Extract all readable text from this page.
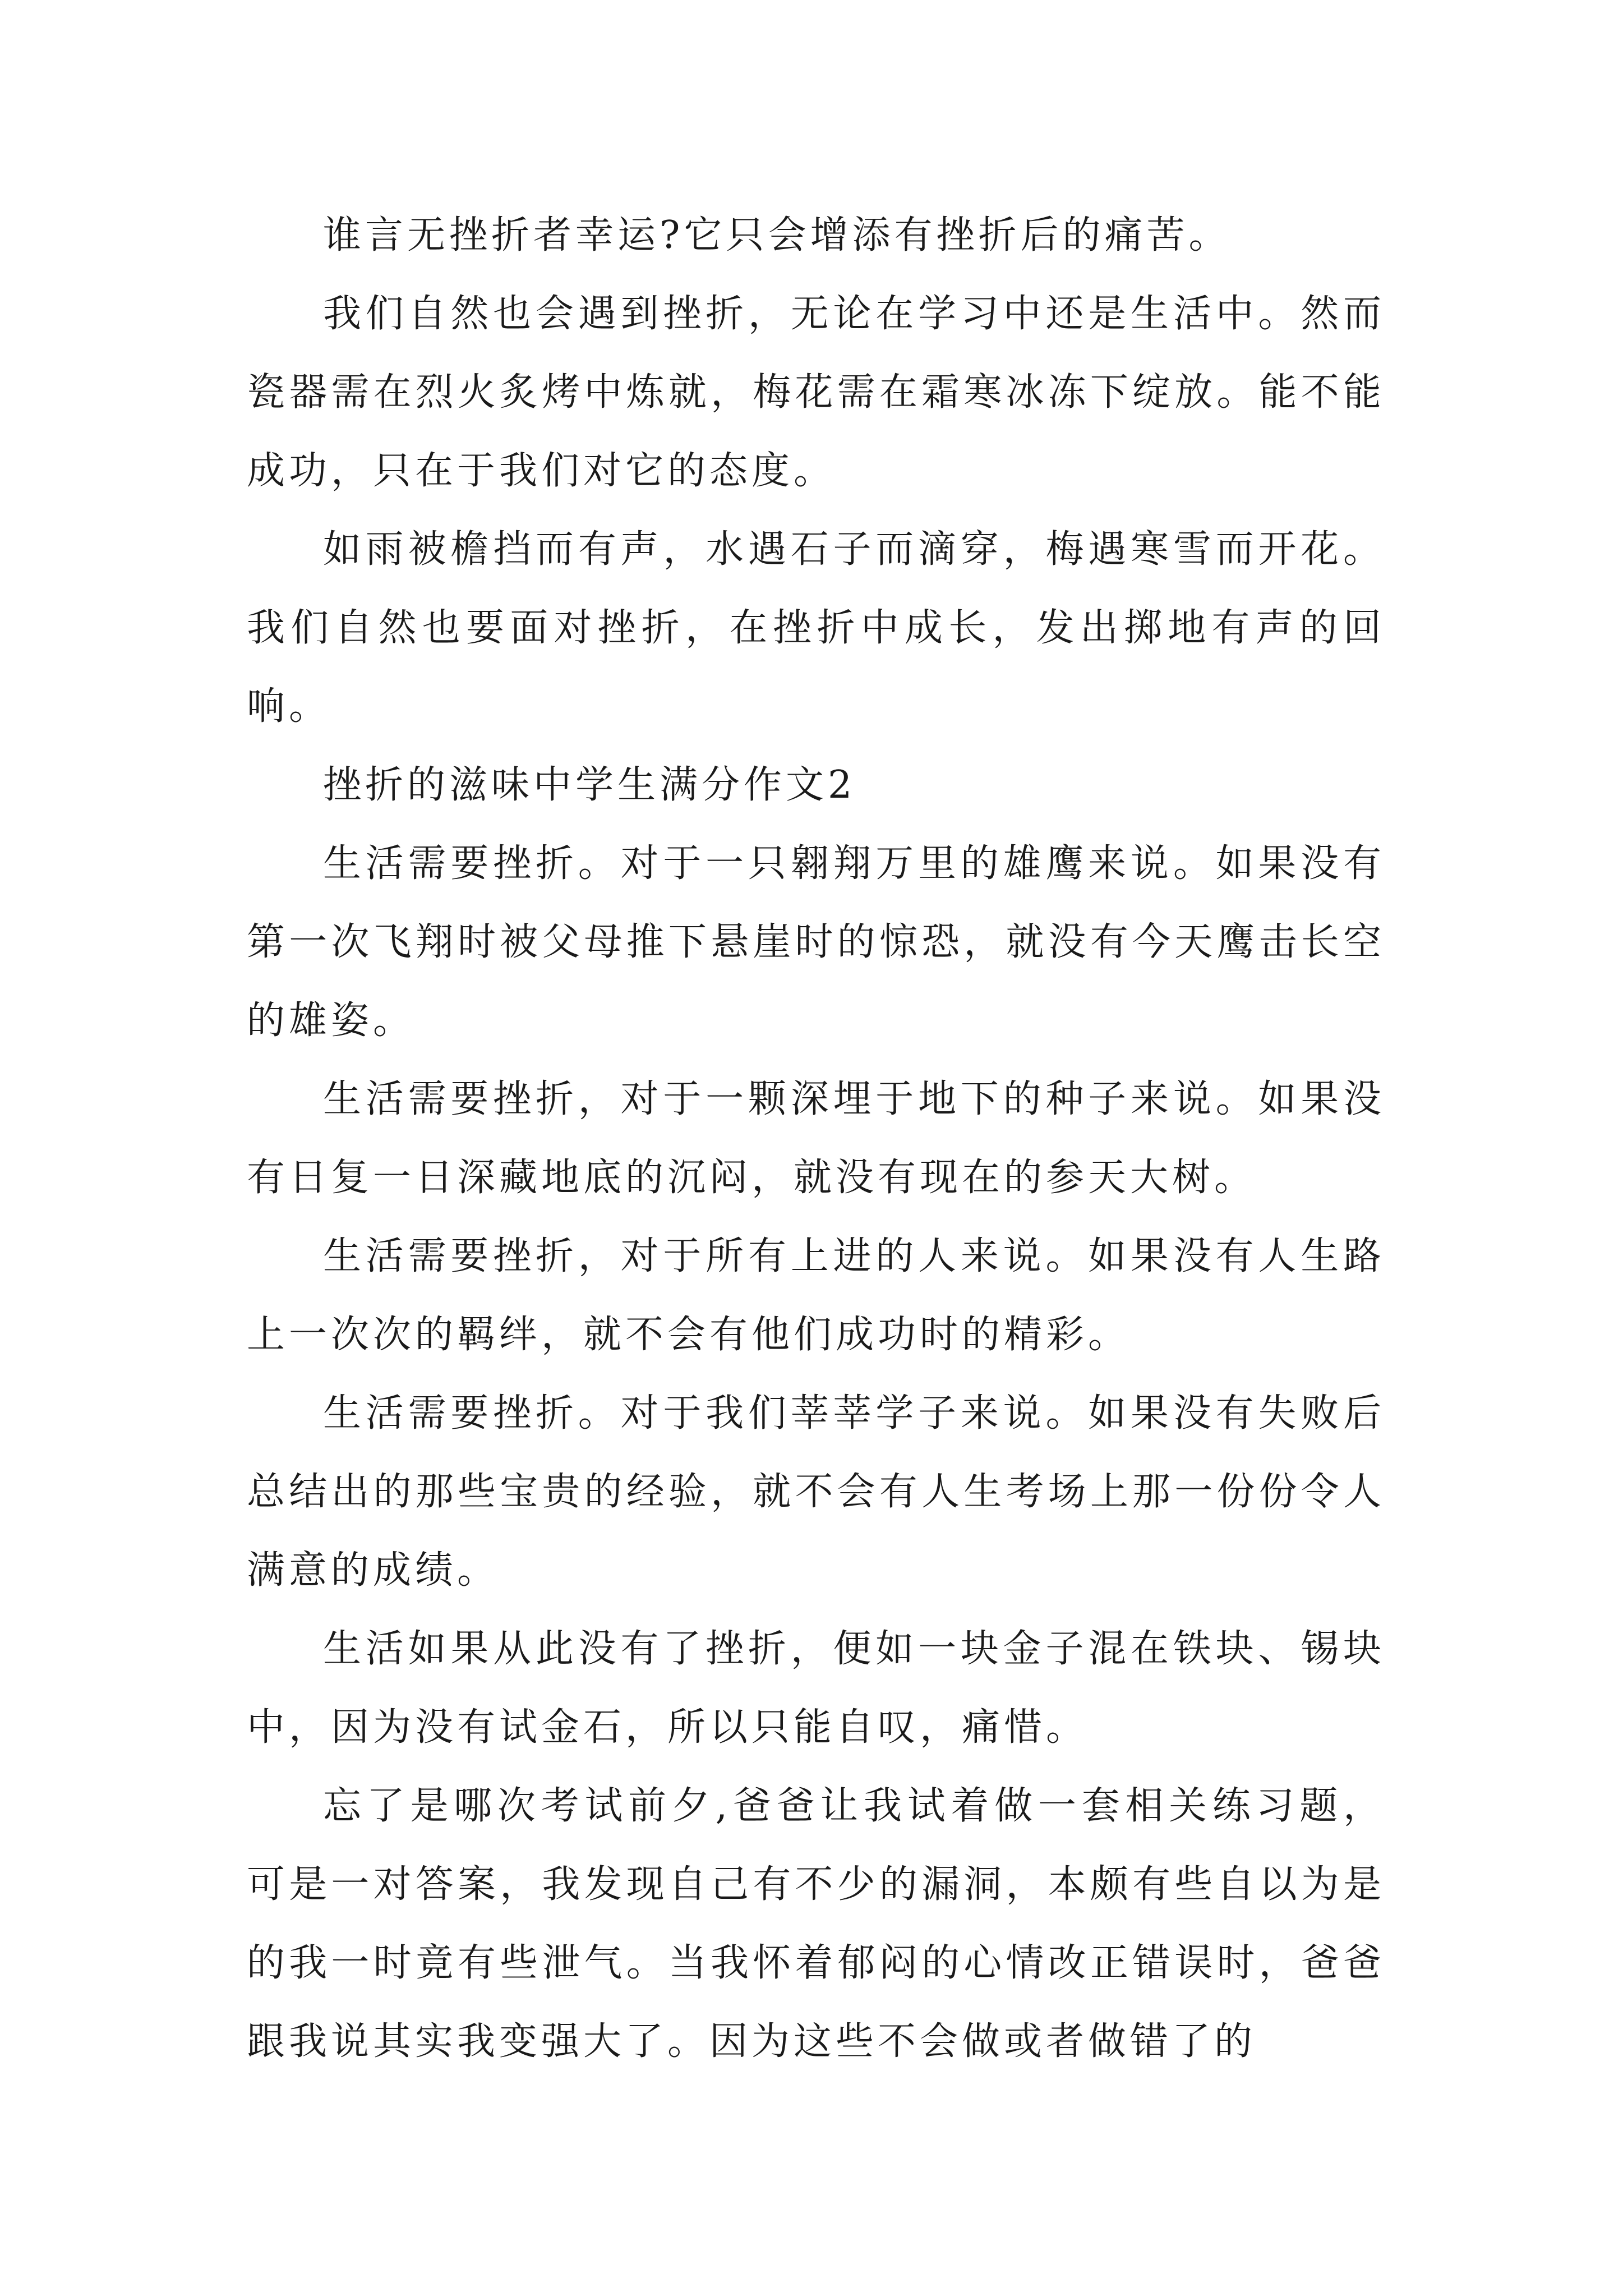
谁言无挫折者幸运?它只会增添有挫折后的痛苦。

我们自然也会遇到挫折，无论在学习中还是生活中。然而瓷器需在烈火炙烤中炼就，梅花需在霜寒冰冻下绽放。能不能成功，只在于我们对它的态度。

如雨被檐挡而有声，水遇石子而滴穿，梅遇寒雪而开花。我们自然也要面对挫折，在挫折中成长，发出掷地有声的回响。

挫折的滋味中学生满分作文2

生活需要挫折。对于一只翱翔万里的雄鹰来说。如果没有第一次飞翔时被父母推下悬崖时的惊恐，就没有今天鹰击长空的雄姿。

生活需要挫折，对于一颗深埋于地下的种子来说。如果没有日复一日深藏地底的沉闷，就没有现在的参天大树。

生活需要挫折，对于所有上进的人来说。如果没有人生路上一次次的羁绊，就不会有他们成功时的精彩。

生活需要挫折。对于我们莘莘学子来说。如果没有失败后总结出的那些宝贵的经验，就不会有人生考场上那一份份令人满意的成绩。

生活如果从此没有了挫折，便如一块金子混在铁块、锡块中，因为没有试金石，所以只能自叹，痛惜。

忘了是哪次考试前夕,爸爸让我试着做一套相关练习题，可是一对答案，我发现自己有不少的漏洞，本颇有些自以为是的我一时竟有些泄气。当我怀着郁闷的心情改正错误时，爸爸跟我说其实我变强大了。因为这些不会做或者做错了的
